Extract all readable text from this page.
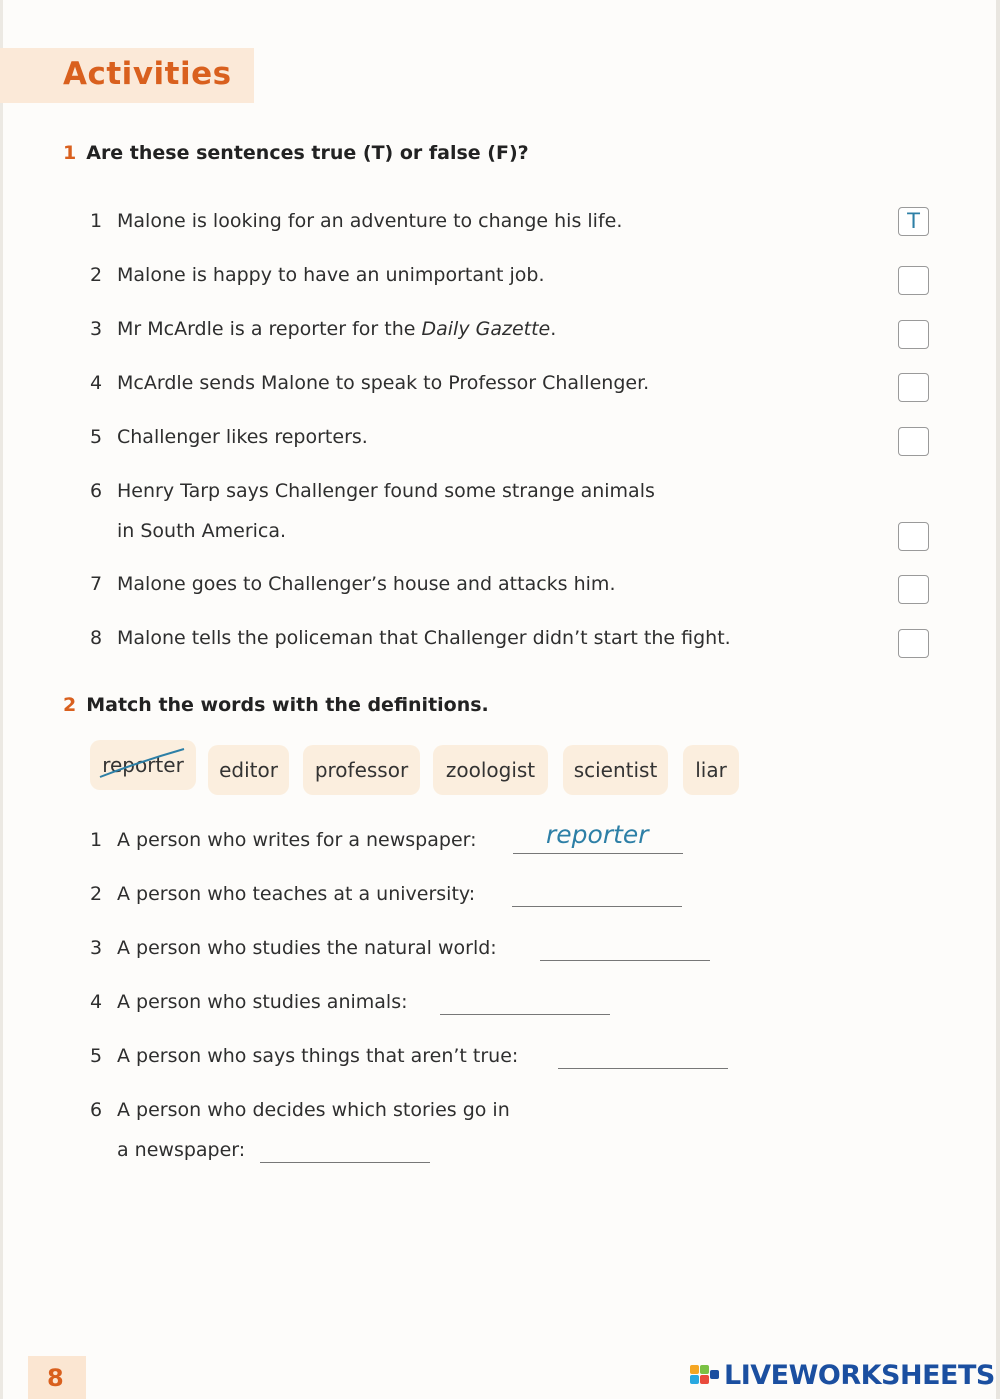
Activities
1 Are these sentences true (T) or false (F)?
1 Malone is looking for an adventure to change his life.	T
2 Malone is happy to have an unimportant job.
3 Mr McArdle is a reporter for the Daily Gazette.
4 McArdle sends Malone to speak to Professor Challenger.
5 Challenger likes reporters.
6 Henry Tarp says Challenger found some strange animals
in South America.
7 Malone goes to Challenger’s house and attacks him.
8 Malone tells the policeman that Challenger didn’t start the fight.
2 Match the words with the definitions.
reporter	editor	professor	zoologist	scientist	liar
1 A person who writes for a newspaper:	reporter
2 A person who teaches at a university:
3 A person who studies the natural world:
4 A person who studies animals:
5 A person who says things that aren’t true:
6 A person who decides which stories go in
a newspaper:
8	LIVEWORKSHEETS
